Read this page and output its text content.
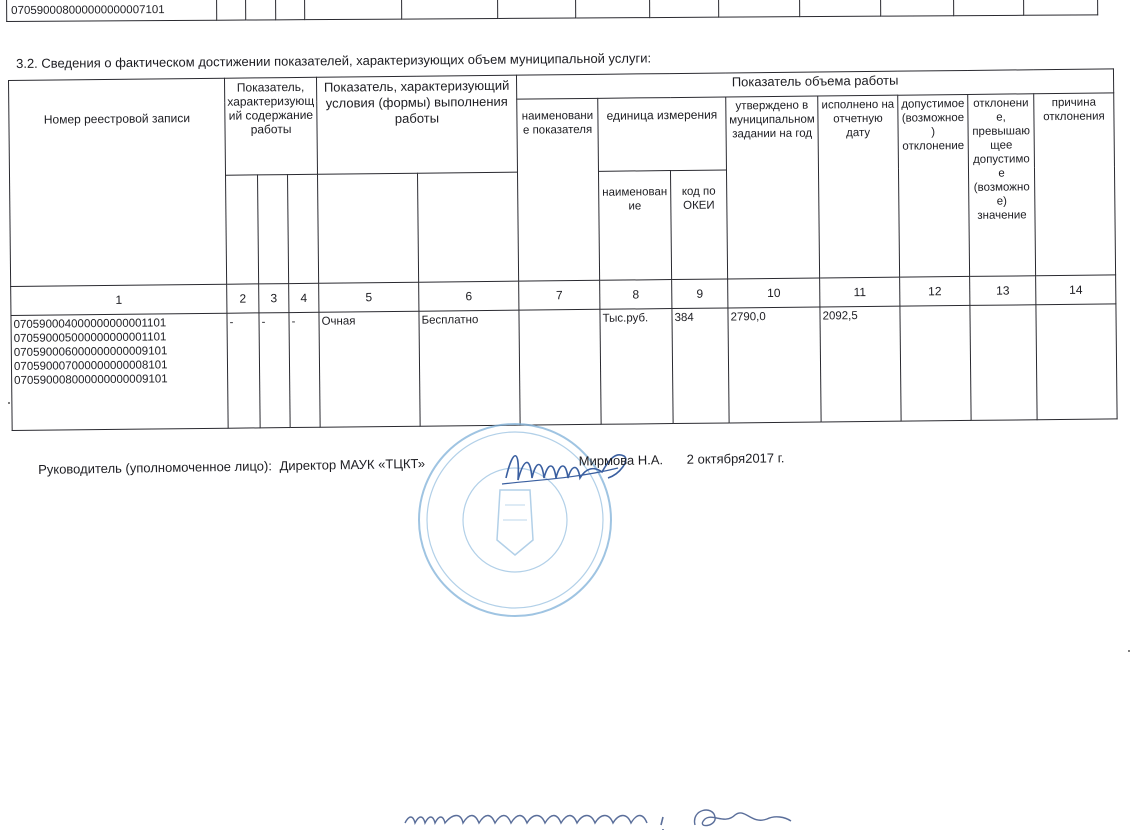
070590008000000000007101													
3.2. Сведения о фактическом достижении показателей, характеризующих объем муниципальной услуги:
Номер реестровой записи	Показатель, характеризующий содержание работы			Показатель, характеризующий условия (формы) выполнения работы		Показатель объема работы							
						наименование показателя	единица измерения		утверждено в муниципальном задании на год	исполнено на отчетную дату	допустимое (возможное) отклонение	отклонение, превышающее допустимое (возможное) значение	причина отклонения
							наименование	код по ОКЕИ					

1	2	3	4	5	6	7	8	9	10	11	12	13	14

070590004000000000001101
070590005000000000001101
070590006000000000009101
070590007000000000008101
070590008000000000009101	-	-	-	Очная	Бесплатно		Тыс.руб.	384	2790,0	2092,5			
Руководитель (уполномоченное лицо): Директор МАУК «ТЦКТ»	Мирмова Н.А. 2 октября2017 г.
